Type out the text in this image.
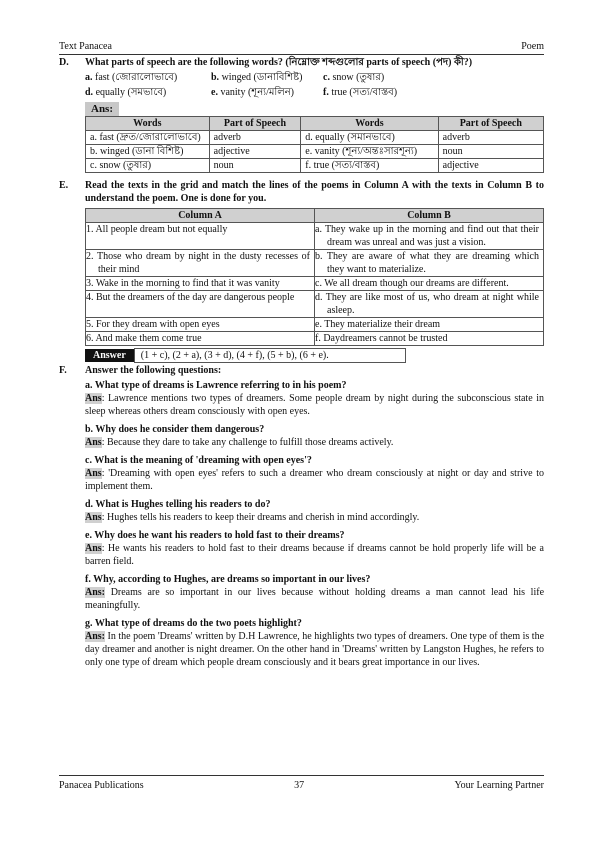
Text Panacea	Poem
D.	What parts of speech are the following words? (নিম্নোক্ত শব্দগুলোর parts of speech (পদ) কী?)
a. fast (জোরালোভাবে)	b. winged (ডানাবিশিষ্ট)	c. snow (তুষার)
d. equally (সমভাবে)	e. vanity (শূন্য/মলিন)	f. true (সত্য/বাস্তব)
Ans:
Words	Part of Speech	Words	Part of Speech
a. fast (দ্রুত/জোরালোভাবে)	adverb	d. equally (সমানভাবে)	adverb
b. winged (ডানা বিশিষ্ট)	adjective	e. vanity (শূন্য/অন্তঃসারশূন্য)	noun
c. snow (তুষার)	noun	f. true (সত্য/বাস্তব)	adjective
E.	Read the texts in the grid and match the lines of the poems in Column A with the texts in Column B to understand the poem. One is done for you.
Column A	Column B
1. All people dream but not equally	a. They wake up in the morning and find out that their dream was unreal and was just a vision.
2. Those who dream by night in the dusty recesses of their mind	b. They are aware of what they are dreaming which they want to materialize.
3. Wake in the morning to find that it was vanity	c. We all dream though our dreams are different.
4. But the dreamers of the day are dangerous people	d. They are like most of us, who dream at night while asleep.
5. For they dream with open eyes	e. They materialize their dream
6. And make them come true	f. Daydreamers cannot be trusted
Answer	(1 + c), (2 + a), (3 + d), (4 + f), (5 + b), (6 + e).
F.	Answer the following questions:
a. What type of dreams is Lawrence referring to in his poem?
Ans: Lawrence mentions two types of dreamers. Some people dream by night during the subconscious state in sleep whereas others dream consciously with open eyes.
b. Why does he consider them dangerous?
Ans: Because they dare to take any challenge to fulfill those dreams actively.
c. What is the meaning of 'dreaming with open eyes'?
Ans: 'Dreaming with open eyes' refers to such a dreamer who dream consciously at night or day and strive to implement them.
d. What is Hughes telling his readers to do?
Ans: Hughes tells his readers to keep their dreams and cherish in mind accordingly.
e. Why does he want his readers to hold fast to their dreams?
Ans: He wants his readers to hold fast to their dreams because if dreams cannot be hold properly life will be a barren field.
f. Why, according to Hughes, are dreams so important in our lives?
Ans: Dreams are so important in our lives because without holding dreams a man cannot lead his life meaningfully.
g. What type of dreams do the two poets highlight?
Ans: In the poem 'Dreams' written by D.H Lawrence, he highlights two types of dreamers. One type of them is the day dreamer and another is night dreamer. On the other hand in 'Dreams' written by Langston Hughes, he refers to only one type of dream which people dream consciously and it bears great importance in our lives.
Panacea Publications	37	Your Learning Partner
